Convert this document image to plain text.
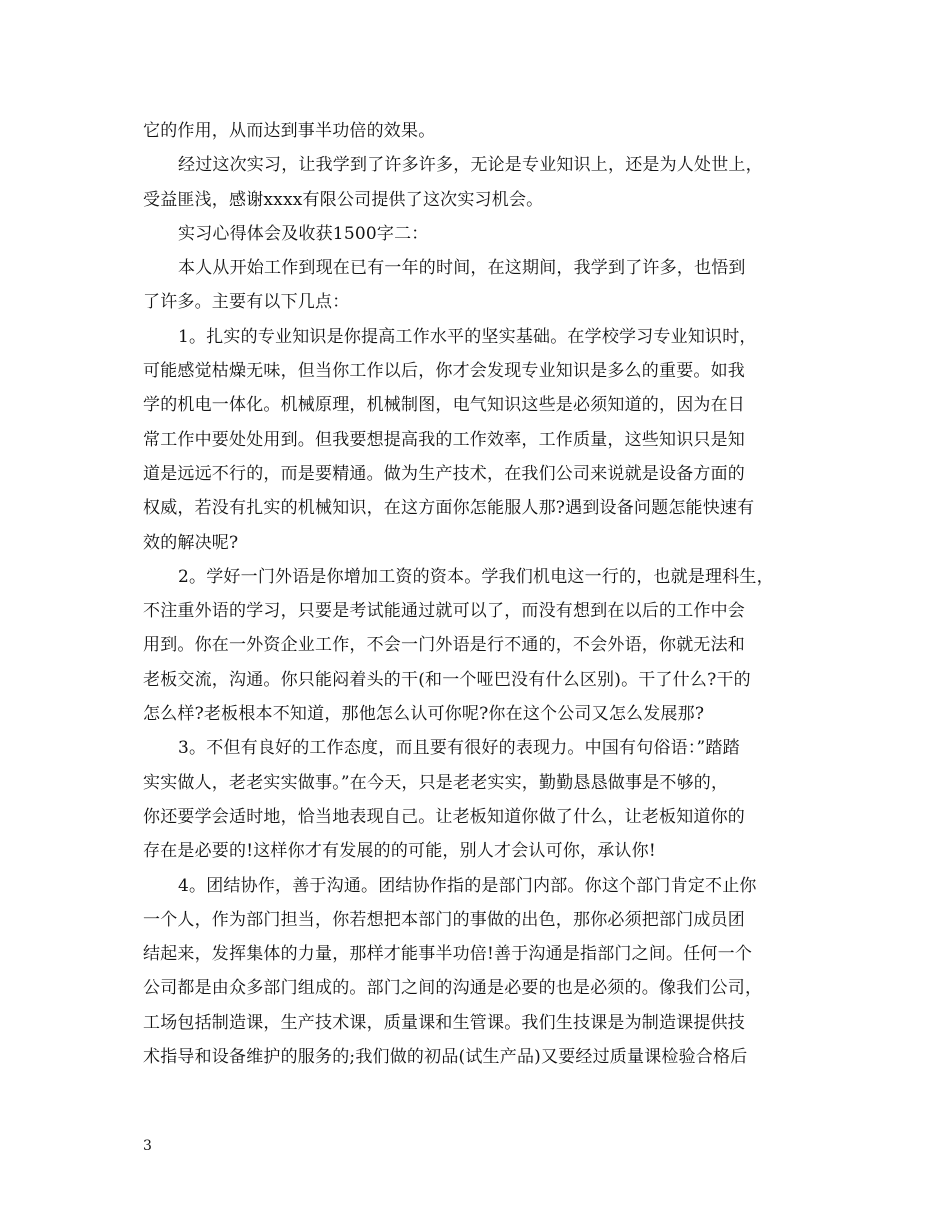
它的作用，从而达到事半功倍的效果。
经过这次实习，让我学到了许多许多，无论是专业知识上，还是为人处世上，
受益匪浅，感谢xxxx有限公司提供了这次实习机会。
实习心得体会及收获1500字二：
本人从开始工作到现在已有一年的时间，在这期间，我学到了许多，也悟到
了许多。主要有以下几点：
1。扎实的专业知识是你提高工作水平的坚实基础。在学校学习专业知识时，
可能感觉枯燥无味，但当你工作以后，你才会发现专业知识是多么的重要。如我
学的机电一体化。机械原理，机械制图，电气知识这些是必须知道的，因为在日
常工作中要处处用到。但我要想提高我的工作效率，工作质量，这些知识只是知
道是远远不行的，而是要精通。做为生产技术，在我们公司来说就是设备方面的
权威，若没有扎实的机械知识，在这方面你怎能服人那?遇到设备问题怎能快速有
效的解决呢?
2。学好一门外语是你增加工资的资本。学我们机电这一行的，也就是理科生，
不注重外语的学习，只要是考试能通过就可以了，而没有想到在以后的工作中会
用到。你在一外资企业工作，不会一门外语是行不通的，不会外语，你就无法和
老板交流，沟通。你只能闷着头的干(和一个哑巴没有什么区别)。干了什么?干的
怎么样?老板根本不知道，那他怎么认可你呢?你在这个公司又怎么发展那?
3。不但有良好的工作态度，而且要有很好的表现力。中国有句俗语：”踏踏
实实做人，老老实实做事。”在今天，只是老老实实，勤勤恳恳做事是不够的，
你还要学会适时地，恰当地表现自己。让老板知道你做了什么，让老板知道你的
存在是必要的!这样你才有发展的的可能，别人才会认可你，承认你!
4。团结协作，善于沟通。团结协作指的是部门内部。你这个部门肯定不止你
一个人，作为部门担当，你若想把本部门的事做的出色，那你必须把部门成员团
结起来，发挥集体的力量，那样才能事半功倍!善于沟通是指部门之间。任何一个
公司都是由众多部门组成的。部门之间的沟通是必要的也是必须的。像我们公司，
工场包括制造课，生产技术课，质量课和生管课。我们生技课是为制造课提供技
术指导和设备维护的服务的;我们做的初品(试生产品)又要经过质量课检验合格后
3
